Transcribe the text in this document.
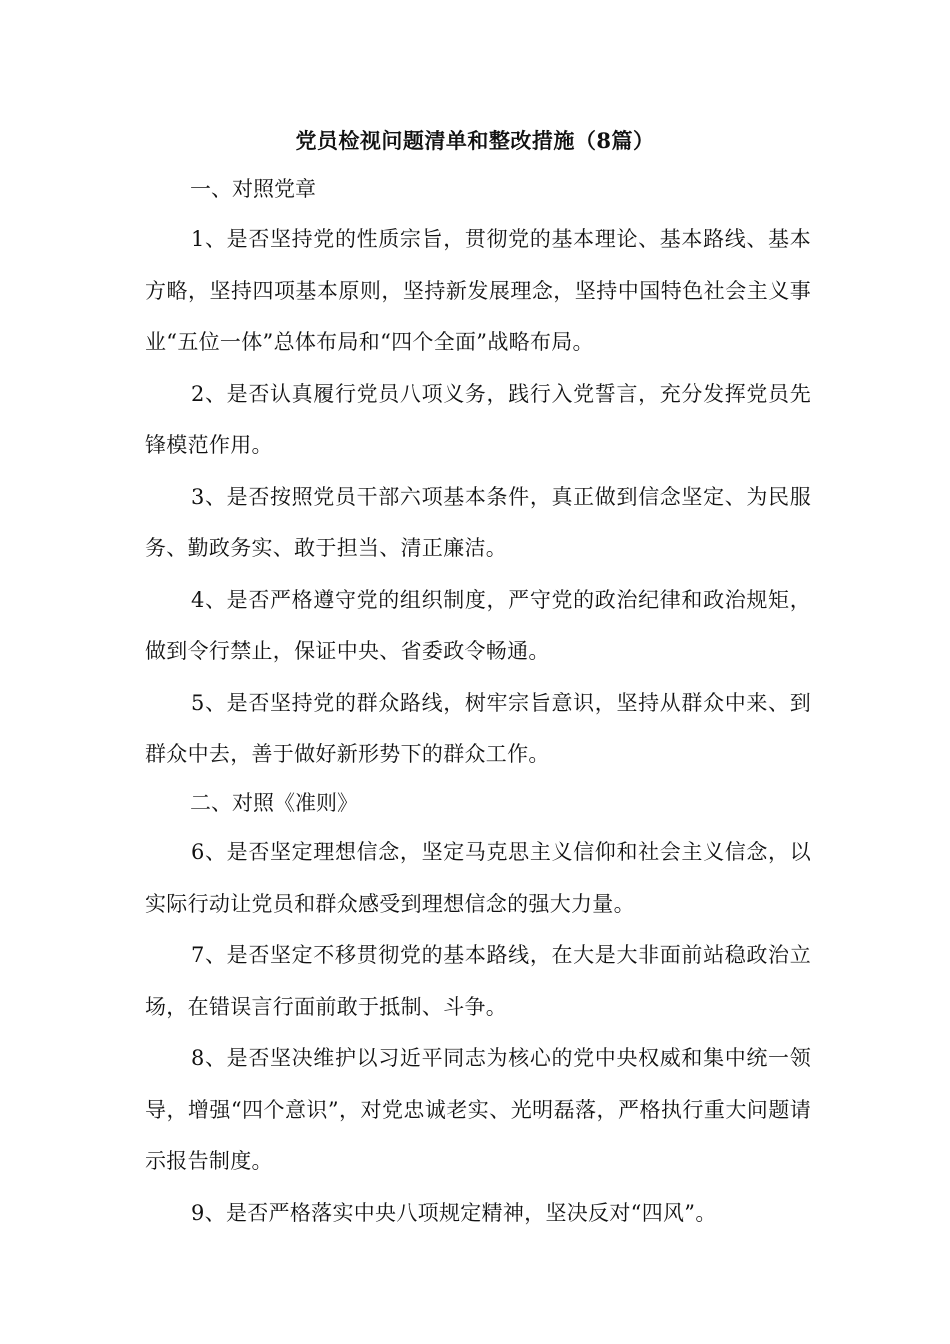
党员检视问题清单和整改措施（8篇）
一、对照党章

1、是否坚持党的性质宗旨，贯彻党的基本理论、基本路线、基本方略，坚持四项基本原则，坚持新发展理念，坚持中国特色社会主义事业“五位一体”总体布局和“四个全面”战略布局。

2、是否认真履行党员八项义务，践行入党誓言，充分发挥党员先锋模范作用。

3、是否按照党员干部六项基本条件，真正做到信念坚定、为民服务、勤政务实、敢于担当、清正廉洁。

4、是否严格遵守党的组织制度，严守党的政治纪律和政治规矩，做到令行禁止，保证中央、省委政令畅通。

5、是否坚持党的群众路线，树牢宗旨意识，坚持从群众中来、到群众中去，善于做好新形势下的群众工作。

二、对照《准则》

6、是否坚定理想信念，坚定马克思主义信仰和社会主义信念，以实际行动让党员和群众感受到理想信念的强大力量。

7、是否坚定不移贯彻党的基本路线，在大是大非面前站稳政治立场，在错误言行面前敢于抵制、斗争。

8、是否坚决维护以习近平同志为核心的党中央权威和集中统一领导，增强“四个意识”，对党忠诚老实、光明磊落，严格执行重大问题请示报告制度。

9、是否严格落实中央八项规定精神，坚决反对“四风”。
